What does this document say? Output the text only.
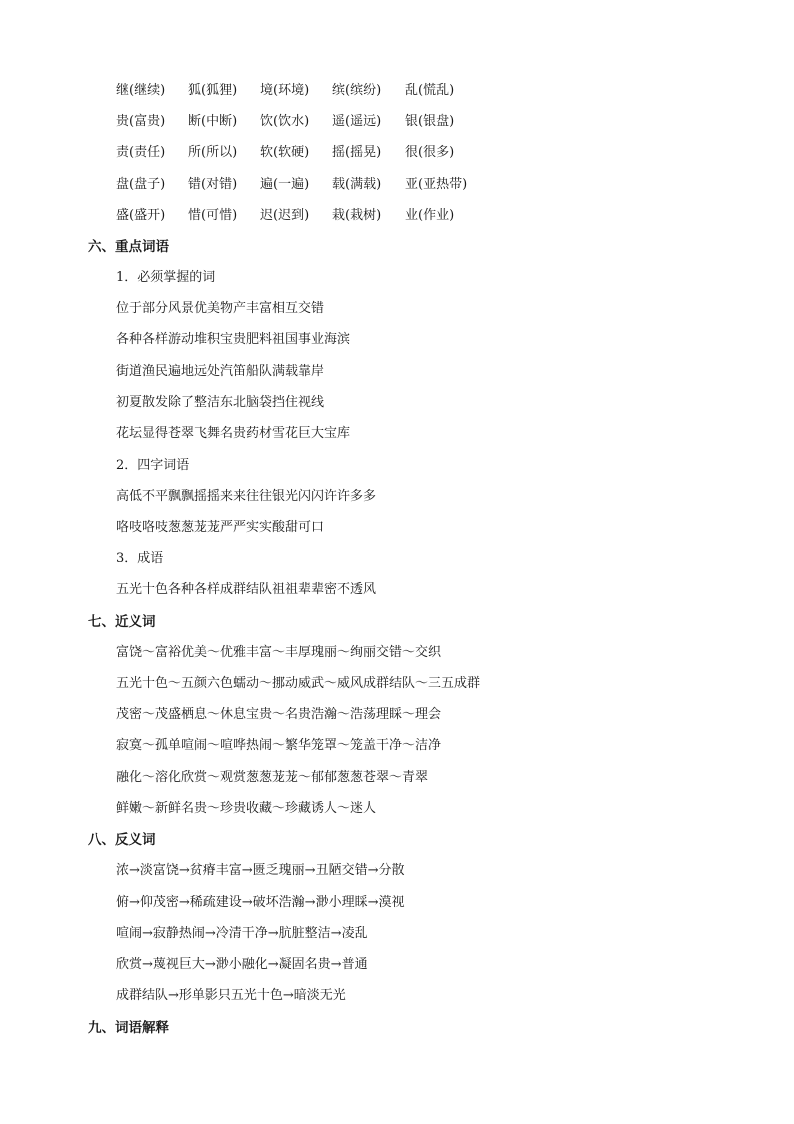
继(继续) 狐(狐狸) 境(环境) 缤(缤纷) 乱(慌乱)
贵(富贵) 断(中断) 饮(饮水) 遥(遥远) 银(银盘)
责(责任) 所(所以) 软(软硬) 摇(摇晃) 很(很多)
盘(盘子) 错(对错) 遍(一遍) 载(满载) 亚(亚热带)
盛(盛开) 惜(可惜) 迟(迟到) 栽(栽树) 业(作业)
六、重点词语
1．必须掌握的词
位于部分风景优美物产丰富相互交错
各种各样游动堆积宝贵肥料祖国事业海滨
街道渔民遍地远处汽笛船队满载靠岸
初夏散发除了整洁东北脑袋挡住视线
花坛显得苍翠飞舞名贵药材雪花巨大宝库
2．四字词语
高低不平飘飘摇摇来来往往银光闪闪许许多多
咯吱咯吱葱葱茏茏严严实实酸甜可口
3．成语
五光十色各种各样成群结队祖祖辈辈密不透风
七、近义词
富饶～富裕优美～优雅丰富～丰厚瑰丽～绚丽交错～交织
五光十色～五颜六色蠕动～挪动威武～威风成群结队～三五成群
茂密～茂盛栖息～休息宝贵～名贵浩瀚～浩荡理睬～理会
寂寞～孤单喧闹～喧哗热闹～繁华笼罩～笼盖干净～洁净
融化～溶化欣赏～观赏葱葱茏茏～郁郁葱葱苍翠～青翠
鲜嫩～新鲜名贵～珍贵收藏～珍藏诱人～迷人
八、反义词
浓→淡富饶→贫瘠丰富→匮乏瑰丽→丑陋交错→分散
俯→仰茂密→稀疏建设→破坏浩瀚→渺小理睬→漠视
喧闹→寂静热闹→冷清干净→肮脏整洁→凌乱
欣赏→蔑视巨大→渺小融化→凝固名贵→普通
成群结队→形单影只五光十色→暗淡无光
九、词语解释
